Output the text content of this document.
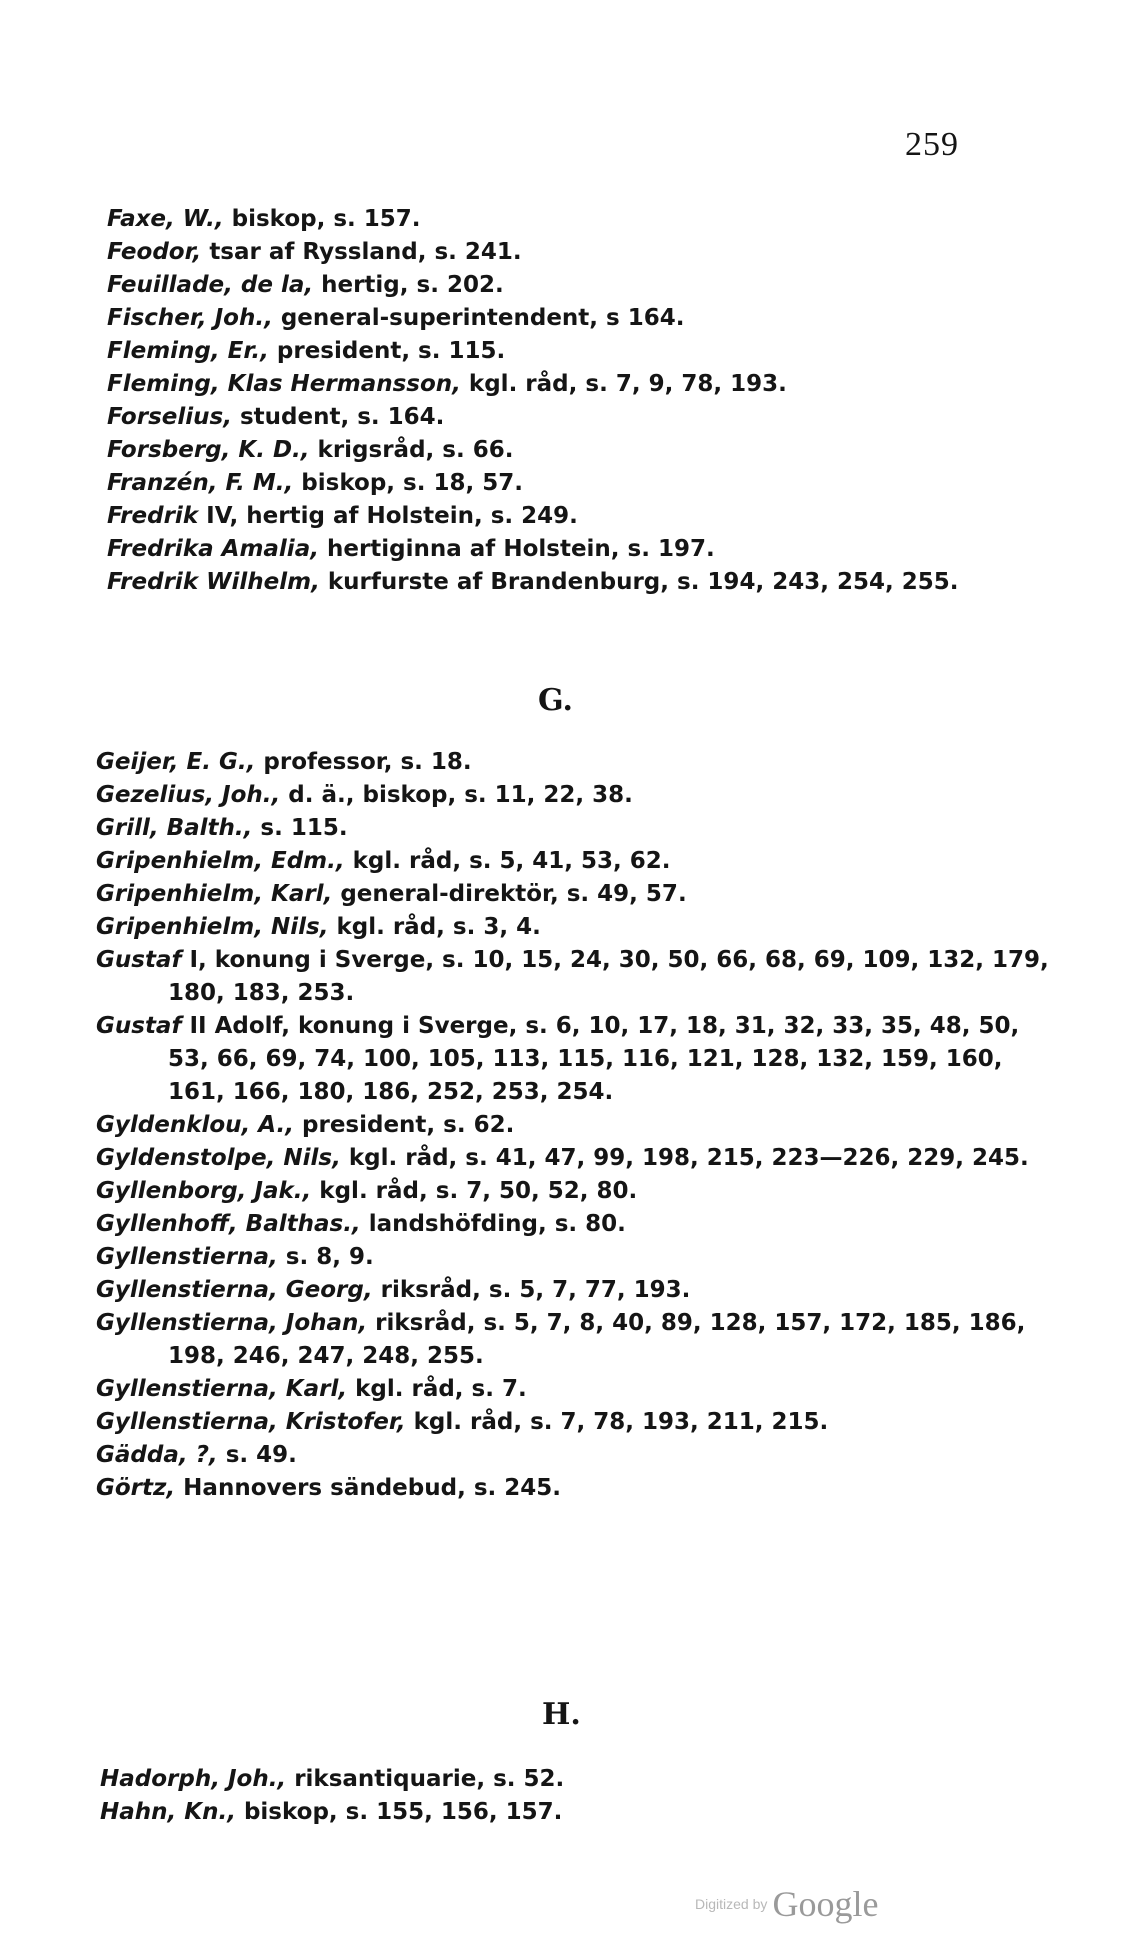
259
Faxe, W., biskop, s. 157.
Feodor, tsar af Ryssland, s. 241.
Feuillade, de la, hertig, s. 202.
Fischer, Joh., general-superintendent, s 164.
Fleming, Er., president, s. 115.
Fleming, Klas Hermansson, kgl. råd, s. 7, 9, 78, 193.
Forselius, student, s. 164.
Forsberg, K. D., krigsråd, s. 66.
Franzén, F. M., biskop, s. 18, 57.
Fredrik IV, hertig af Holstein, s. 249.
Fredrika Amalia, hertiginna af Holstein, s. 197.
Fredrik Wilhelm, kurfurste af Brandenburg, s. 194, 243, 254, 255.
G.
Geijer, E. G., professor, s. 18.
Gezelius, Joh., d. ä., biskop, s. 11, 22, 38.
Grill, Balth., s. 115.
Gripenhielm, Edm., kgl. råd, s. 5, 41, 53, 62.
Gripenhielm, Karl, general-direktör, s. 49, 57.
Gripenhielm, Nils, kgl. råd, s. 3, 4.
Gustaf I, konung i Sverge, s. 10, 15, 24, 30, 50, 66, 68, 69, 109, 132, 179, 180, 183, 253.
Gustaf II Adolf, konung i Sverge, s. 6, 10, 17, 18, 31, 32, 33, 35, 48, 50, 53, 66, 69, 74, 100, 105, 113, 115, 116, 121, 128, 132, 159, 160, 161, 166, 180, 186, 252, 253, 254.
Gyldenklou, A., president, s. 62.
Gyldenstolpe, Nils, kgl. råd, s. 41, 47, 99, 198, 215, 223—226, 229, 245.
Gyllenborg, Jak., kgl. råd, s. 7, 50, 52, 80.
Gyllenhoff, Balthas., landshöfding, s. 80.
Gyllenstierna, s. 8, 9.
Gyllenstierna, Georg, riksråd, s. 5, 7, 77, 193.
Gyllenstierna, Johan, riksråd, s. 5, 7, 8, 40, 89, 128, 157, 172, 185, 186, 198, 246, 247, 248, 255.
Gyllenstierna, Karl, kgl. råd, s. 7.
Gyllenstierna, Kristofer, kgl. råd, s. 7, 78, 193, 211, 215.
Gädda, ?, s. 49.
Görtz, Hannovers sändebud, s. 245.
H.
Hadorph, Joh., riksantiquarie, s. 52.
Hahn, Kn., biskop, s. 155, 156, 157.
Digitized by Google
